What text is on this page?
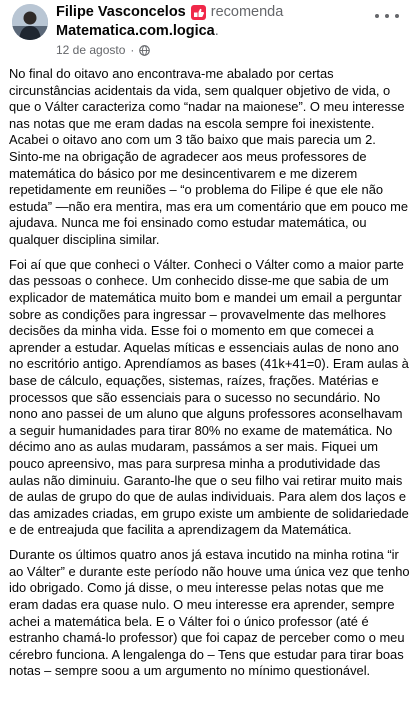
Filipe Vasconcelos recomenda
Matematica.com.logica.
12 de agosto ·

No final do oitavo ano encontrava-me abalado por certas circunstâncias acidentais da vida, sem qualquer objetivo de vida, o que o Válter caracteriza como “nadar na maionese”. O meu interesse nas notas que me eram dadas na escola sempre foi inexistente. Acabei o oitavo ano com um 3 tão baixo que mais parecia um 2. Sinto-me na obrigação de agradecer aos meus professores de matemática do básico por me desincentivarem e me dizerem repetidamente em reuniões – “o problema do Filipe é que ele não estuda” —não era mentira, mas era um comentário que em pouco me ajudava. Nunca me foi ensinado como estudar matemática, ou qualquer disciplina similar.

Foi aí que que conheci o Válter. Conheci o Válter como a maior parte das pessoas o conhece. Um conhecido disse-me que sabia de um explicador de matemática muito bom e mandei um email a perguntar sobre as condições para ingressar – provavelmente das melhores decisões da minha vida. Esse foi o momento em que comecei a aprender a estudar. Aquelas míticas e essenciais aulas de nono ano no escritório antigo. Aprendíamos as bases (41k+41=0). Eram aulas à base de cálculo, equações, sistemas, raízes, frações. Matérias e processos que são essenciais para o sucesso no secundário. No nono ano passei de um aluno que alguns professores aconselhavam a seguir humanidades para tirar 80% no exame de matemática. No décimo ano as aulas mudaram, passámos a ser mais. Fiquei um pouco apreensivo, mas para surpresa minha a produtividade das aulas não diminuiu. Garanto-lhe que o seu filho vai retirar muito mais de aulas de grupo do que de aulas individuais. Para alem dos laços e das amizades criadas, em grupo existe um ambiente de solidariedade e de entreajuda que facilita a aprendizagem da Matemática.

Durante os últimos quatro anos já estava incutido na minha rotina “ir ao Válter” e durante este período não houve uma única vez que tenho ido obrigado. Como já disse, o meu interesse pelas notas que me eram dadas era quase nulo. O meu interesse era aprender, sempre achei a matemática bela. E o Válter foi o único professor (até é estranho chamá-lo professor) que foi capaz de perceber como o meu cérebro funciona. A lengalenga do – Tens que estudar para tirar boas notas – sempre soou a um argumento no mínimo questionável.
